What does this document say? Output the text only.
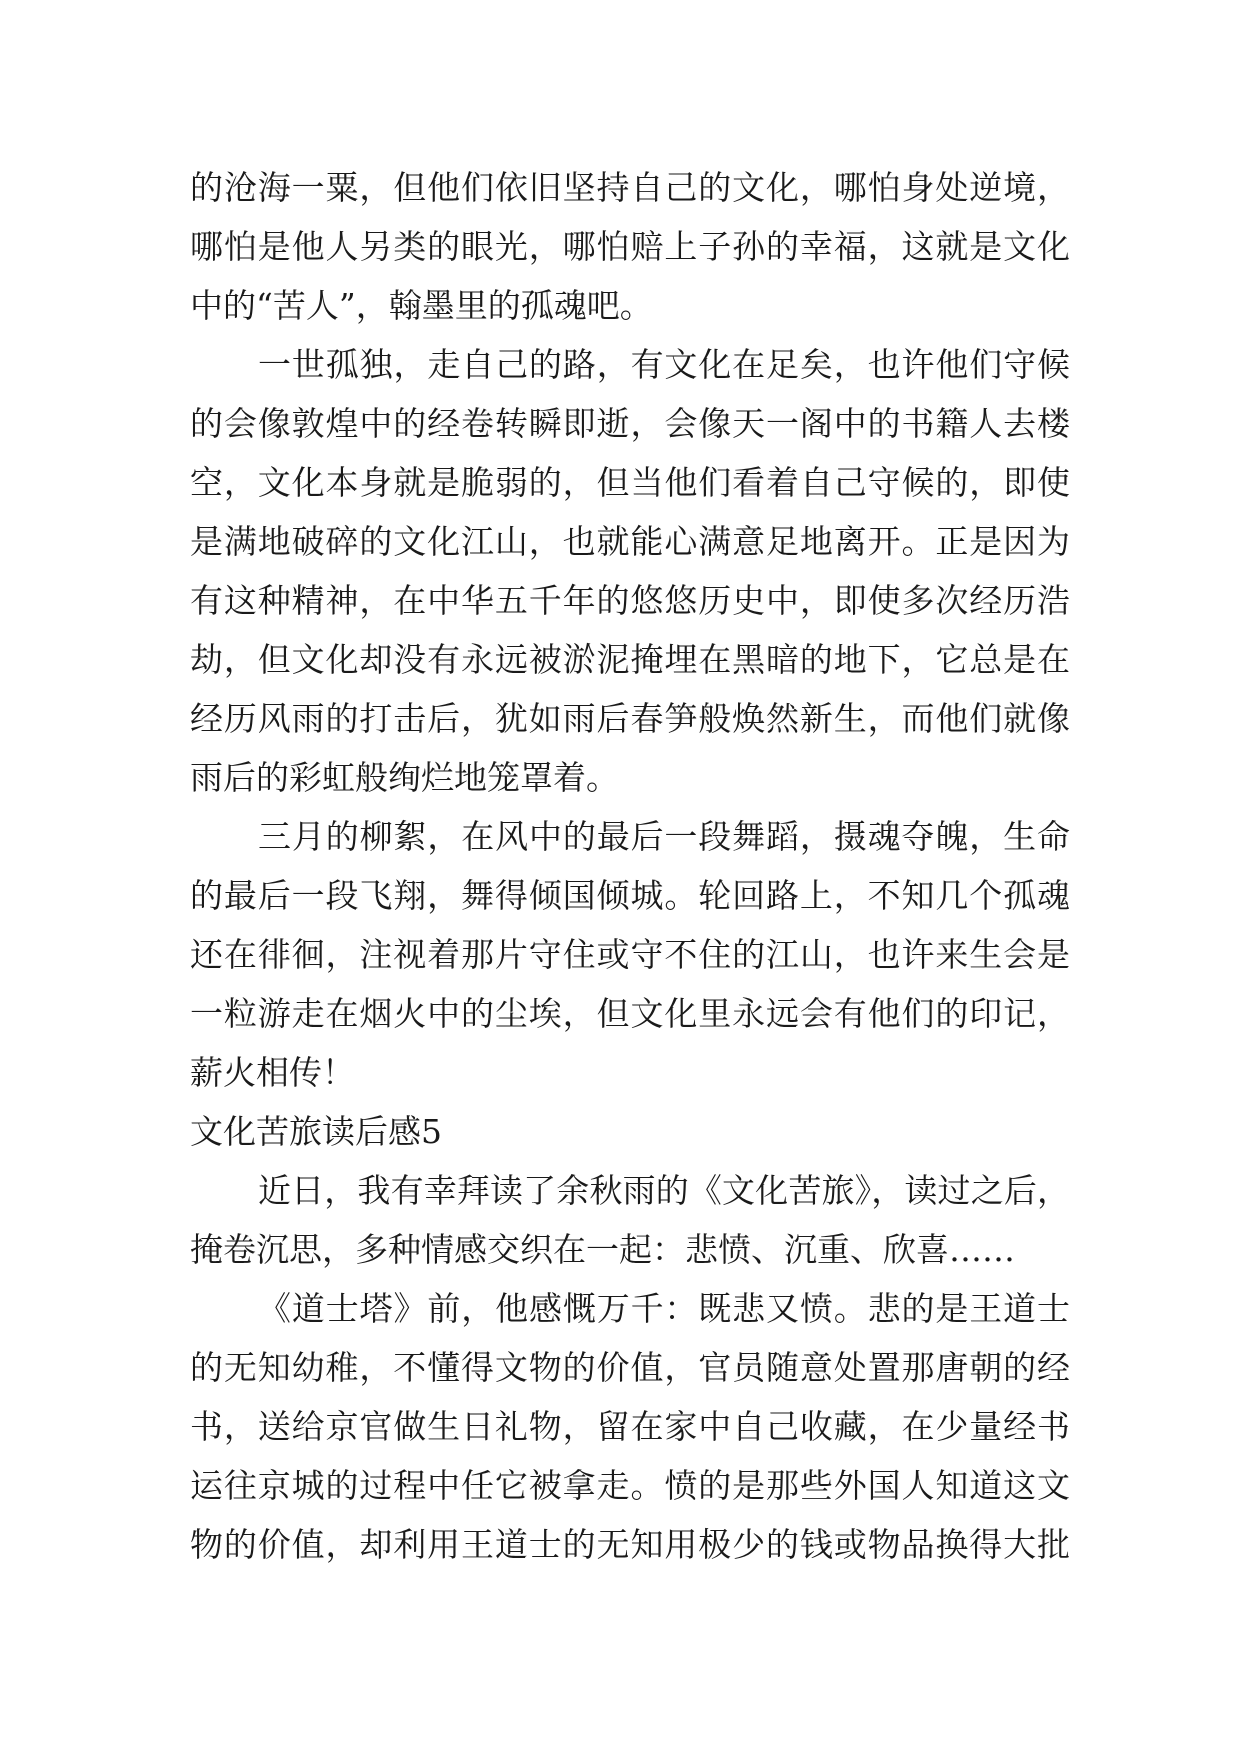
的沧海一粟，但他们依旧坚持自己的文化，哪怕身处逆境，
哪怕是他人另类的眼光，哪怕赔上子孙的幸福，这就是文化
中的“苦人”，翰墨里的孤魂吧。
一世孤独，走自己的路，有文化在足矣，也许他们守候
的会像敦煌中的经卷转瞬即逝，会像天一阁中的书籍人去楼
空，文化本身就是脆弱的，但当他们看着自己守候的，即使
是满地破碎的文化江山，也就能心满意足地离开。正是因为
有这种精神，在中华五千年的悠悠历史中，即使多次经历浩
劫，但文化却没有永远被淤泥掩埋在黑暗的地下，它总是在
经历风雨的打击后，犹如雨后春笋般焕然新生，而他们就像
雨后的彩虹般绚烂地笼罩着。
三月的柳絮，在风中的最后一段舞蹈，摄魂夺魄，生命
的最后一段飞翔，舞得倾国倾城。轮回路上，不知几个孤魂
还在徘徊，注视着那片守住或守不住的江山，也许来生会是
一粒游走在烟火中的尘埃，但文化里永远会有他们的印记，
薪火相传！
文化苦旅读后感5
近日，我有幸拜读了余秋雨的《文化苦旅》，读过之后，
掩卷沉思，多种情感交织在一起：悲愤、沉重、欣喜……
《道士塔》前，他感慨万千：既悲又愤。悲的是王道士
的无知幼稚，不懂得文物的价值，官员随意处置那唐朝的经
书，送给京官做生日礼物，留在家中自己收藏，在少量经书
运往京城的过程中任它被拿走。愤的是那些外国人知道这文
物的价值，却利用王道士的无知用极少的钱或物品换得大批
